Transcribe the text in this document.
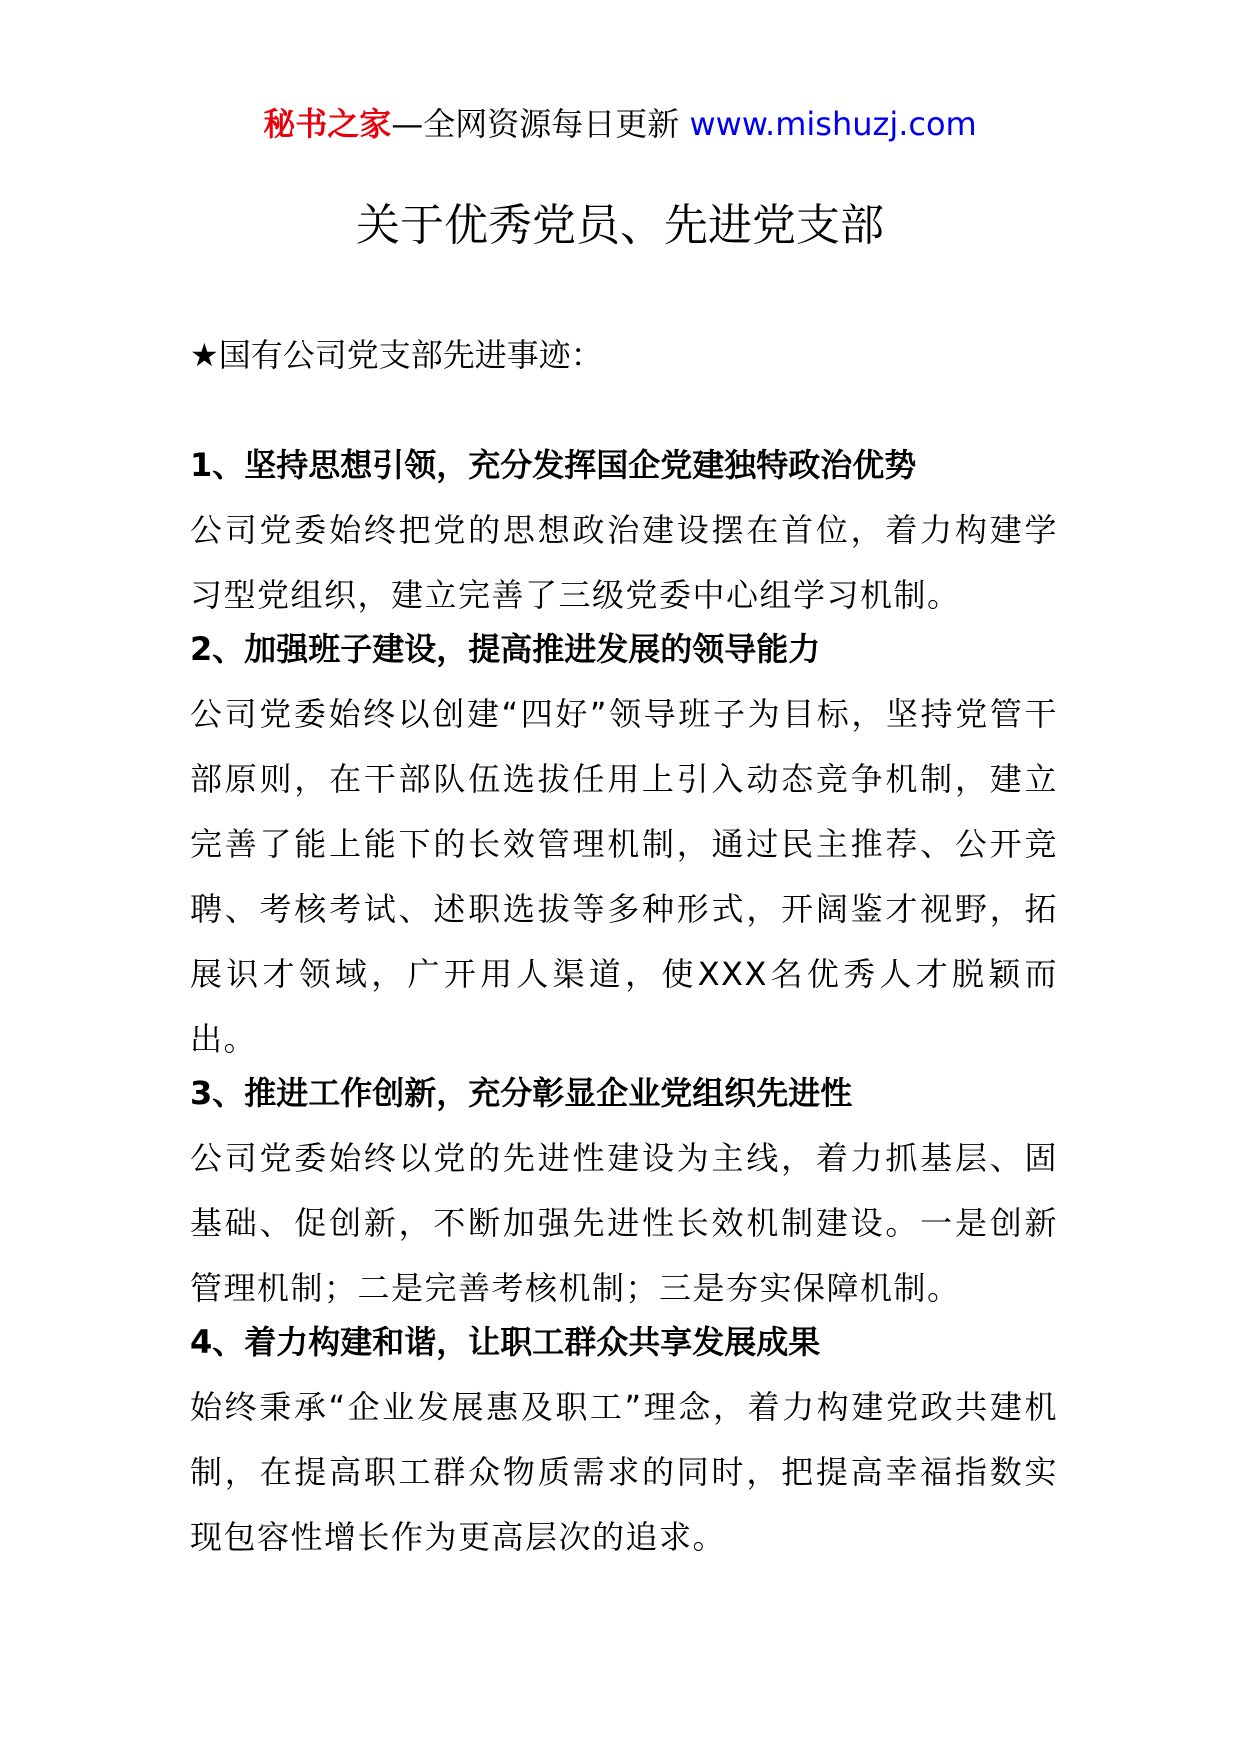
秘书之家—全网资源每日更新 www.mishuzj.com
关于优秀党员、先进党支部

★国有公司党支部先进事迹：

1、坚持思想引领，充分发挥国企党建独特政治优势

公司党委始终把党的思想政治建设摆在首位，着力构建学习型党组织，建立完善了三级党委中心组学习机制。

2、加强班子建设，提高推进发展的领导能力

公司党委始终以创建“四好”领导班子为目标，坚持党管干部原则，在干部队伍选拔任用上引入动态竞争机制，建立完善了能上能下的长效管理机制，通过民主推荐、公开竞聘、考核考试、述职选拔等多种形式，开阔鉴才视野，拓展识才领域，广开用人渠道，使XXX名优秀人才脱颖而出。

3、推进工作创新，充分彰显企业党组织先进性

公司党委始终以党的先进性建设为主线，着力抓基层、固基础、促创新，不断加强先进性长效机制建设。一是创新管理机制；二是完善考核机制；三是夯实保障机制。

4、着力构建和谐，让职工群众共享发展成果

始终秉承“企业发展惠及职工”理念，着力构建党政共建机制，在提高职工群众物质需求的同时，把提高幸福指数实现包容性增长作为更高层次的追求。
